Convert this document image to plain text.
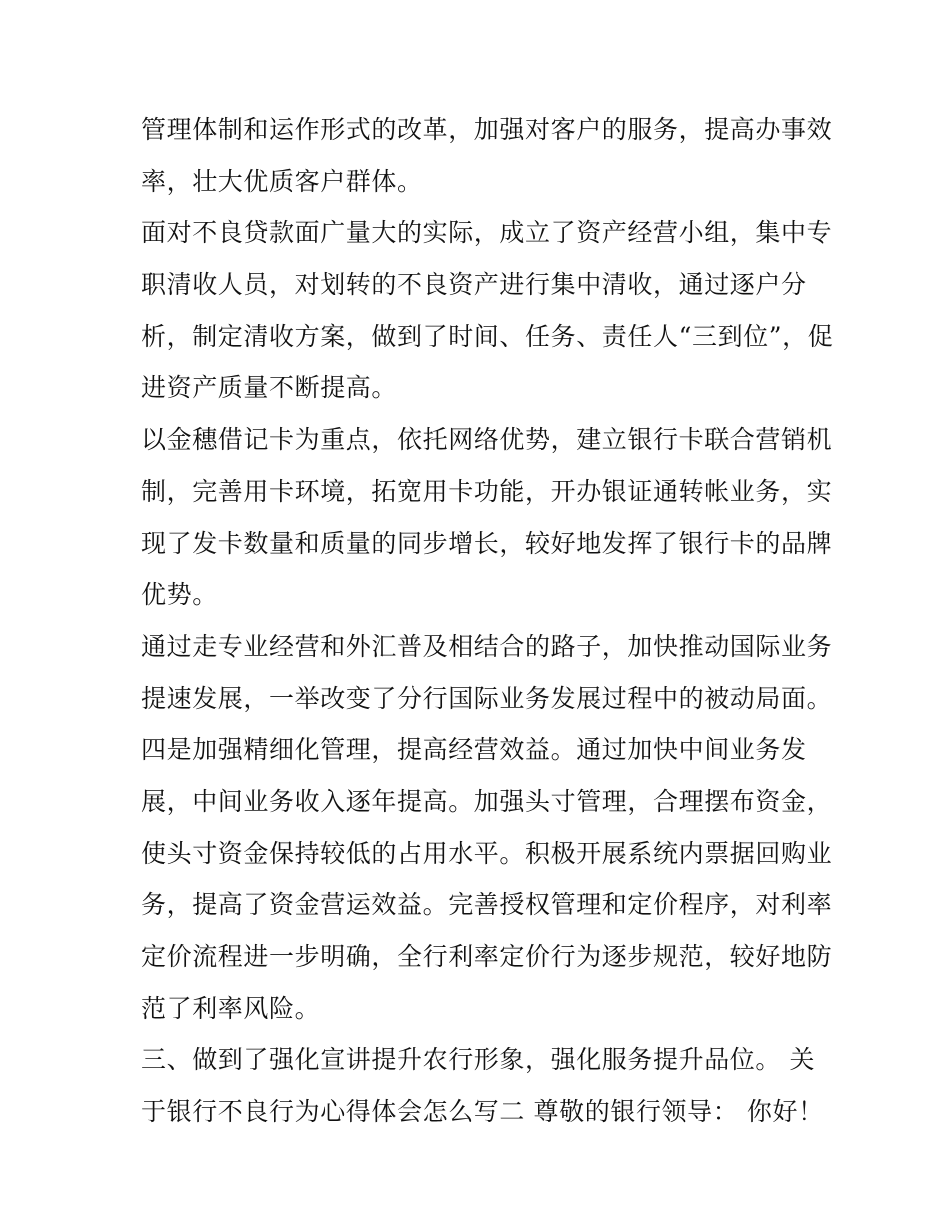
管理体制和运作形式的改革，加强对客户的服务，提高办事效
率，壮大优质客户群体。
面对不良贷款面广量大的实际，成立了资产经营小组，集中专
职清收人员，对划转的不良资产进行集中清收，通过逐户分
析，制定清收方案，做到了时间、任务、责任人“三到位”，促
进资产质量不断提高。
以金穗借记卡为重点，依托网络优势，建立银行卡联合营销机
制，完善用卡环境，拓宽用卡功能，开办银证通转帐业务，实
现了发卡数量和质量的同步增长，较好地发挥了银行卡的品牌
优势。
通过走专业经营和外汇普及相结合的路子，加快推动国际业务
提速发展，一举改变了分行国际业务发展过程中的被动局面。
四是加强精细化管理，提高经营效益。通过加快中间业务发
展，中间业务收入逐年提高。加强头寸管理，合理摆布资金，
使头寸资金保持较低的占用水平。积极开展系统内票据回购业
务，提高了资金营运效益。完善授权管理和定价程序，对利率
定价流程进一步明确，全行利率定价行为逐步规范，较好地防
范了利率风险。
三、做到了强化宣讲提升农行形象，强化服务提升品位。 关
于银行不良行为心得体会怎么写二 尊敬的银行领导： 你好！
